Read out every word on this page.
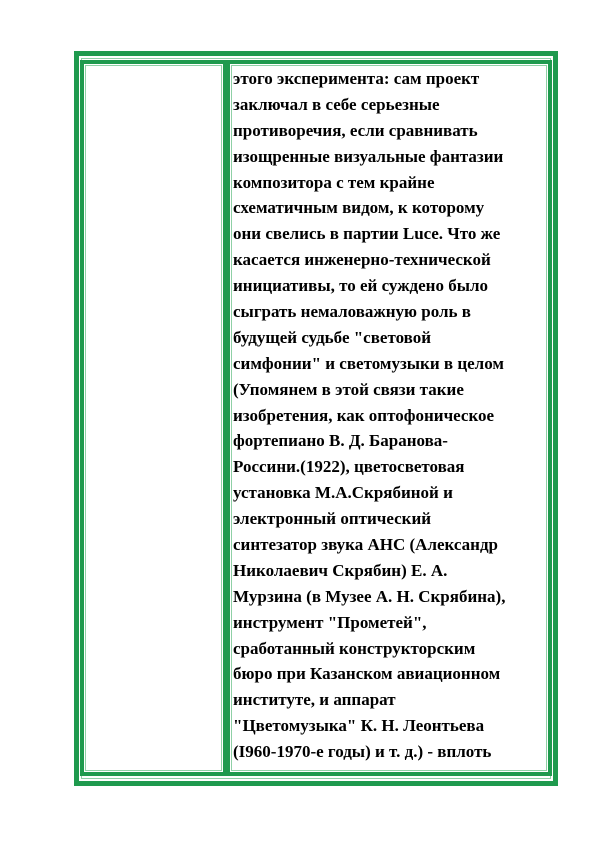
этого эксперимента: сам проект
заключал в себе серьезные
противоречия, если сравнивать
изощренные визуальные фантазии
композитора с тем крайне
схематичным видом, к которому
они свелись в партии Luce. Что же
касается инженерно-технической
инициативы, то ей суждено было
сыграть немаловажную роль в
будущей судьбе "световой
симфонии" и светомузыки в целом
(Упомянем в этой связи такие
изобретения, как оптофоническое
фортепиано В. Д. Баранова-
Россини.(1922), цветосветовая
установка М.А.Скрябиной и
электронный оптический
синтезатор звука АНС (Александр
Николаевич Скрябин) Е. А.
Мурзина (в Музее А. Н. Скрябина),
инструмент "Прометей",
сработанный конструкторским
бюро при Казанском авиационном
институте, и аппарат
"Цветомузыка" К. Н. Леонтьева
(I960-1970-е годы) и т. д.) - вплоть
